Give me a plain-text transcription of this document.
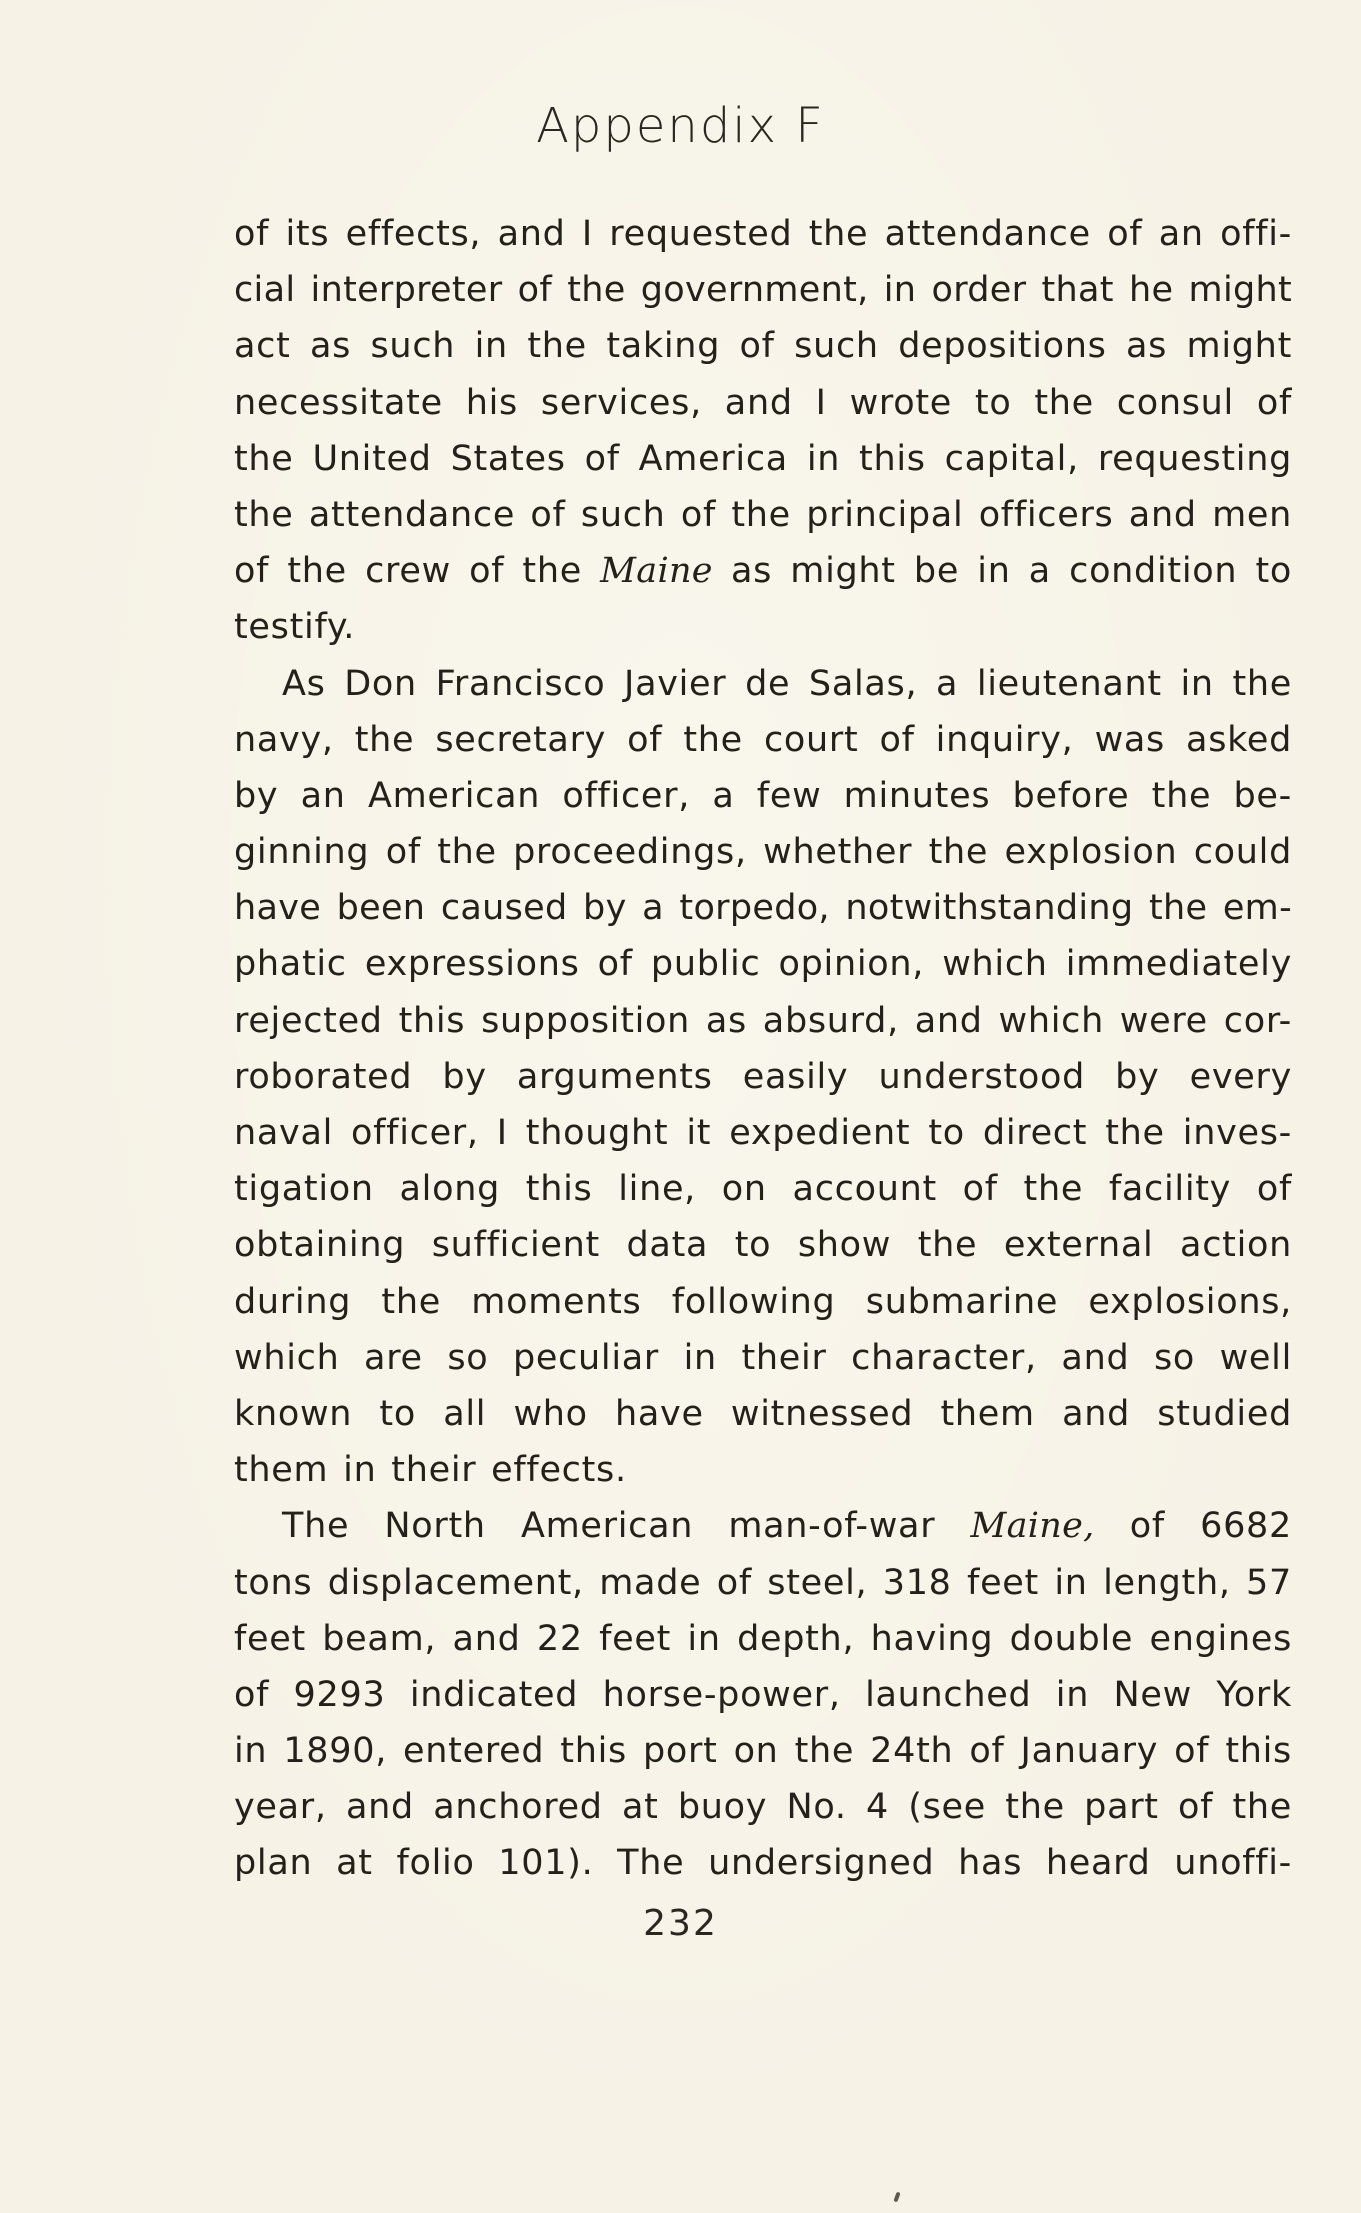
Appendix F
of its effects, and I requested the attendance of an offi-
cial interpreter of the government, in order that he might
act as such in the taking of such depositions as might
necessitate his services, and I wrote to the consul of
the United States of America in this capital, requesting
the attendance of such of the principal officers and men
of the crew of the Maine as might be in a condition to
testify.
As Don Francisco Javier de Salas, a lieutenant in the
navy, the secretary of the court of inquiry, was asked
by an American officer, a few minutes before the be-
ginning of the proceedings, whether the explosion could
have been caused by a torpedo, notwithstanding the em-
phatic expressions of public opinion, which immediately
rejected this supposition as absurd, and which were cor-
roborated by arguments easily understood by every
naval officer, I thought it expedient to direct the inves-
tigation along this line, on account of the facility of
obtaining sufficient data to show the external action
during the moments following submarine explosions,
which are so peculiar in their character, and so well
known to all who have witnessed them and studied
them in their effects.
The North American man-of-war Maine, of 6682
tons displacement, made of steel, 318 feet in length, 57
feet beam, and 22 feet in depth, having double engines
of 9293 indicated horse-power, launched in New York
in 1890, entered this port on the 24th of January of this
year, and anchored at buoy No. 4 (see the part of the
plan at folio 101). The undersigned has heard unoffi-
232
